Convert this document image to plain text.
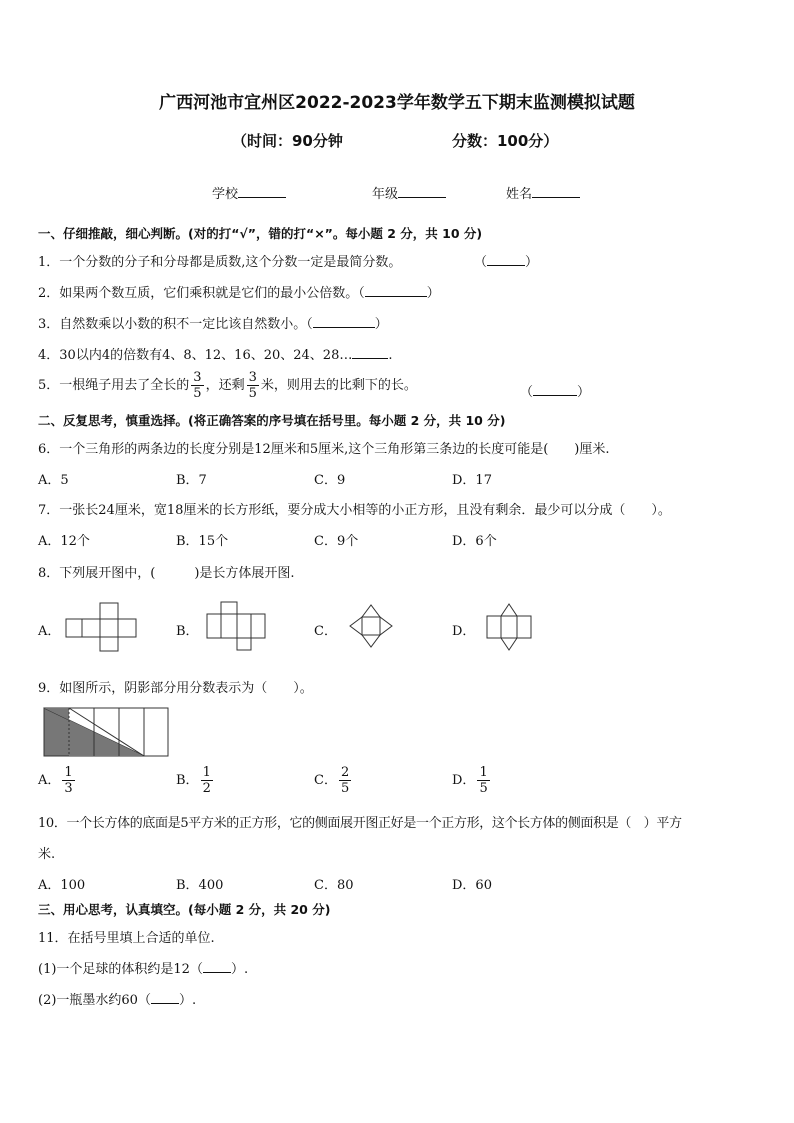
广西河池市宜州区2022-2023学年数学五下期末监测模拟试题
（时间：90分钟	分数：100分）
学校	年级	姓名
一、仔细推敲，细心判断。(对的打“√”，错的打“×”。每小题 2 分，共 10 分)
1．一个分数的分子和分母都是质数,这个分数一定是最简分数。	（	）
2．如果两个数互质，它们乘积就是它们的最小公倍数。（	）
3．自然数乘以小数的积不一定比该自然数小。（	）
4．30以内4的倍数有4、8、12、16、20、24、28…	.
5．一根绳子用去了全长的 $\frac{3}{5}$ ，还剩 $\frac{3}{5}$ 米，则用去的比剩下的长。	（	）
二、反复思考，慎重选择。(将正确答案的序号填在括号里。每小题 2 分，共 10 分)
6．一个三角形的两条边的长度分别是12厘米和5厘米,这个三角形第三条边的长度可能是(　　)厘米.
A．5	B．7	C．9	D．17
7．一张长24厘米，宽18厘米的长方形纸，要分成大小相等的小正方形，且没有剩余．最少可以分成（　　）。
A．12个	B．15个	C．9个	D．6个
8．下列展开图中，(　　　)是长方体展开图.
A．	B．	C．	D．
9．如图所示，阴影部分用分数表示为（　　）。
A． $\frac{1}{3}$	B． $\frac{1}{2}$	C． $\frac{2}{5}$	D． $\frac{1}{5}$
10．一个长方体的底面是5平方米的正方形，它的侧面展开图正好是一个正方形，这个长方体的侧面积是（　）平方
米.
A．100	B．400	C．80	D．60
三、用心思考，认真填空。(每小题 2 分，共 20 分)
11．在括号里填上合适的单位.
(1)一个足球的体积约是12（ ）.
(2)一瓶墨水约60（ ）.
